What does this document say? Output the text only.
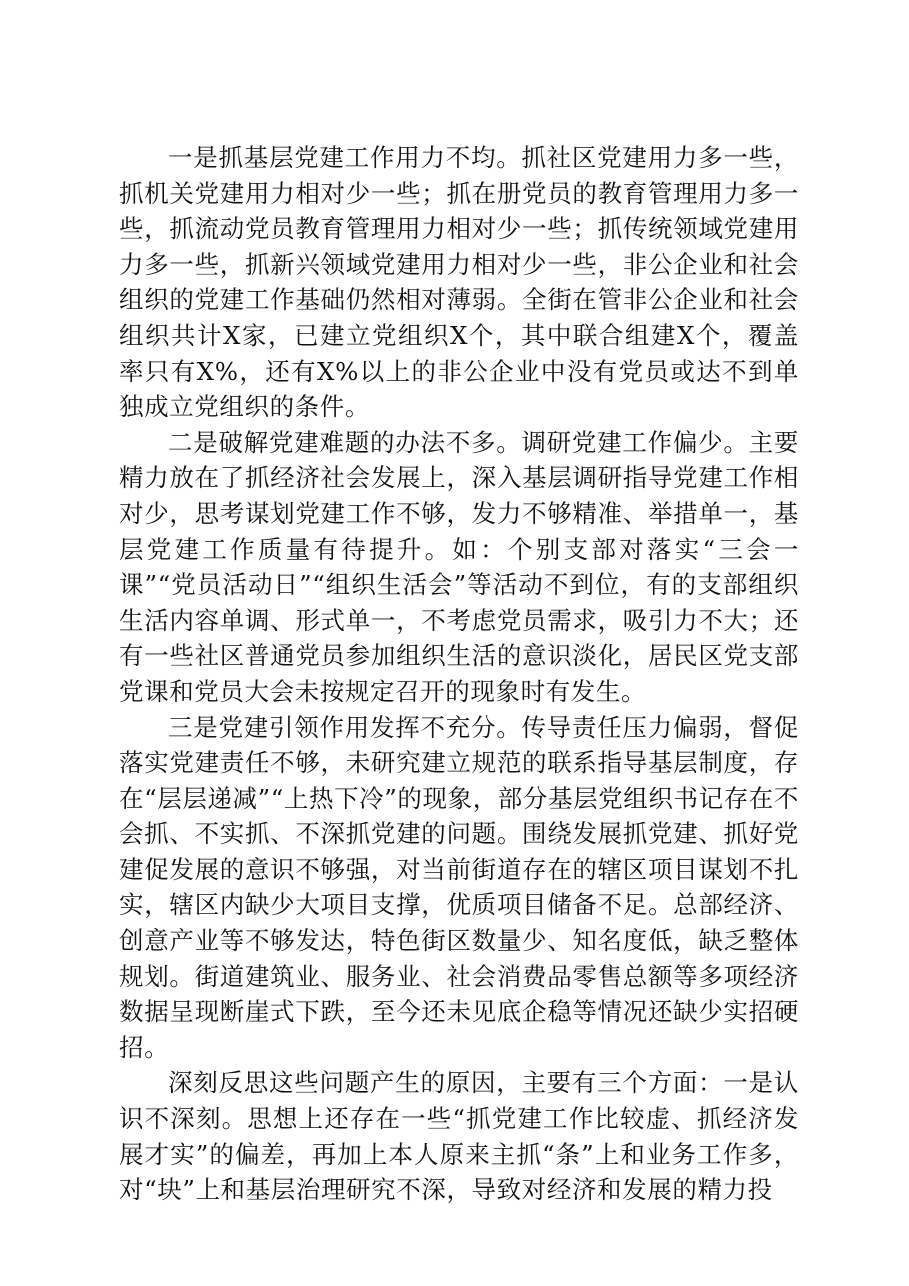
一是抓基层党建工作用力不均。抓社区党建用力多一些，抓机关党建用力相对少一些；抓在册党员的教育管理用力多一些，抓流动党员教育管理用力相对少一些；抓传统领域党建用力多一些，抓新兴领域党建用力相对少一些，非公企业和社会组织的党建工作基础仍然相对薄弱。全街在管非公企业和社会组织共计X家，已建立党组织X个，其中联合组建X个，覆盖率只有X%，还有X%以上的非公企业中没有党员或达不到单独成立党组织的条件。

二是破解党建难题的办法不多。调研党建工作偏少。主要精力放在了抓经济社会发展上，深入基层调研指导党建工作相对少，思考谋划党建工作不够，发力不够精准、举措单一，基层党建工作质量有待提升。如：个别支部对落实“三会一课”“党员活动日”“组织生活会”等活动不到位，有的支部组织生活内容单调、形式单一，不考虑党员需求，吸引力不大；还有一些社区普通党员参加组织生活的意识淡化，居民区党支部党课和党员大会未按规定召开的现象时有发生。

三是党建引领作用发挥不充分。传导责任压力偏弱，督促落实党建责任不够，未研究建立规范的联系指导基层制度，存在“层层递减”“上热下冷”的现象，部分基层党组织书记存在不会抓、不实抓、不深抓党建的问题。围绕发展抓党建、抓好党建促发展的意识不够强，对当前街道存在的辖区项目谋划不扎实，辖区内缺少大项目支撑，优质项目储备不足。总部经济、创意产业等不够发达，特色街区数量少、知名度低，缺乏整体规划。街道建筑业、服务业、社会消费品零售总额等多项经济数据呈现断崖式下跌，至今还未见底企稳等情况还缺少实招硬招。

深刻反思这些问题产生的原因，主要有三个方面：一是认识不深刻。思想上还存在一些“抓党建工作比较虚、抓经济发展才实”的偏差，再加上本人原来主抓“条”上和业务工作多，对“块”上和基层治理研究不深，导致对经济和发展的精力投
